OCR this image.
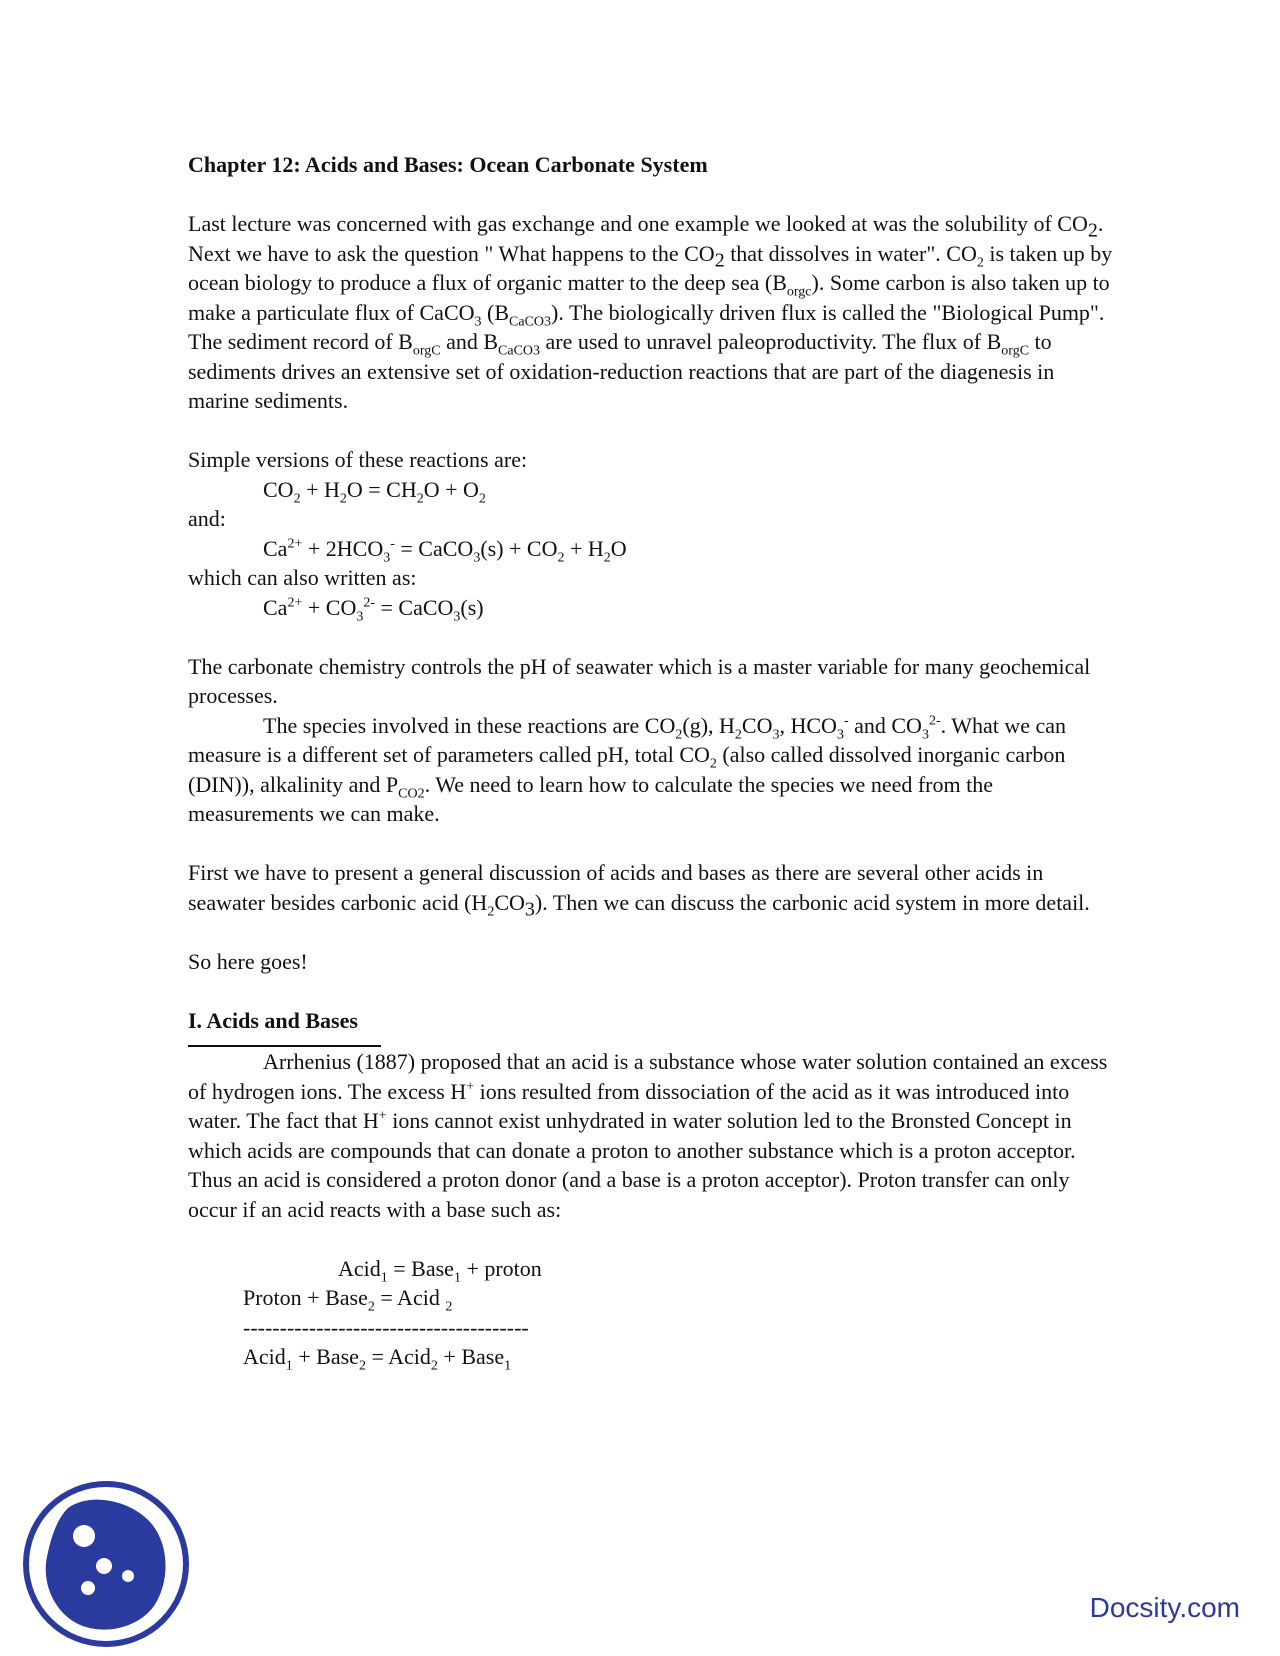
Chapter 12: Acids and Bases: Ocean Carbonate System

Last lecture was concerned with gas exchange and one example we looked at was the solubility of $CO_2$. Next we have to ask the question " What happens to the $CO_2$ that dissolves in water". $CO_2$ is taken up by ocean biology to produce a flux of organic matter to the deep sea $(B_{orgc})$. Some carbon is also taken up to make a particulate flux of CaCO$_3$ $(B_{CaCO3})$. The biologically driven flux is called the "Biological Pump". The sediment record of $B_{orgC}$ and $B_{CaCO3}$ are used to unravel paleoproductivity. The flux of $B_{orgC}$ to sediments drives an extensive set of oxidation-reduction reactions that are part of the diagenesis in marine sediments.

Simple versions of these reactions are:

$CO_2 + H_2O = CH_2O + O_2$

and:

$Ca^{2+} + 2HCO_3^-$ = CaCO$_3$(s) + $CO_2 + H_2O$

which can also written as:

$Ca^{2+} + CO_3^{2-}$ = CaCO$_3$(s)

The carbonate chemistry controls the pH of seawater which is a master variable for many geochemical processes.

The species involved in these reactions are $CO_2(g)$, $H_2CO_3$, $HCO_3^-$ and $CO_3^{2-}$. What we can measure is a different set of parameters called pH, total $CO_2$ (also called dissolved inorganic carbon (DIN)), alkalinity and $P_{CO2}$. We need to learn how to calculate the species we need from the measurements we can make.

First we have to present a general discussion of acids and bases as there are several other acids in seawater besides carbonic acid $(H_2CO_3)$. Then we can discuss the carbonic acid system in more detail.

So here goes!

I. Acids and Bases

Arrhenius (1887) proposed that an acid is a substance whose water solution contained an excess of hydrogen ions. The excess H+ ions resulted from dissociation of the acid as it was introduced into water. The fact that H+ ions cannot exist unhydrated in water solution led to the Bronsted Concept in which acids are compounds that can donate a proton to another substance which is a proton acceptor. Thus an acid is considered a proton donor (and a base is a proton acceptor). Proton transfer can only occur if an acid reacts with a base such as:

Acid$_1$ = Base$_1$ + proton

Proton + Base$_2$ = Acid $_2$

---------------------------------------

Acid$_1$ + Base$_2$ = Acid$_2$ + Base$_1$

Docsity.com
